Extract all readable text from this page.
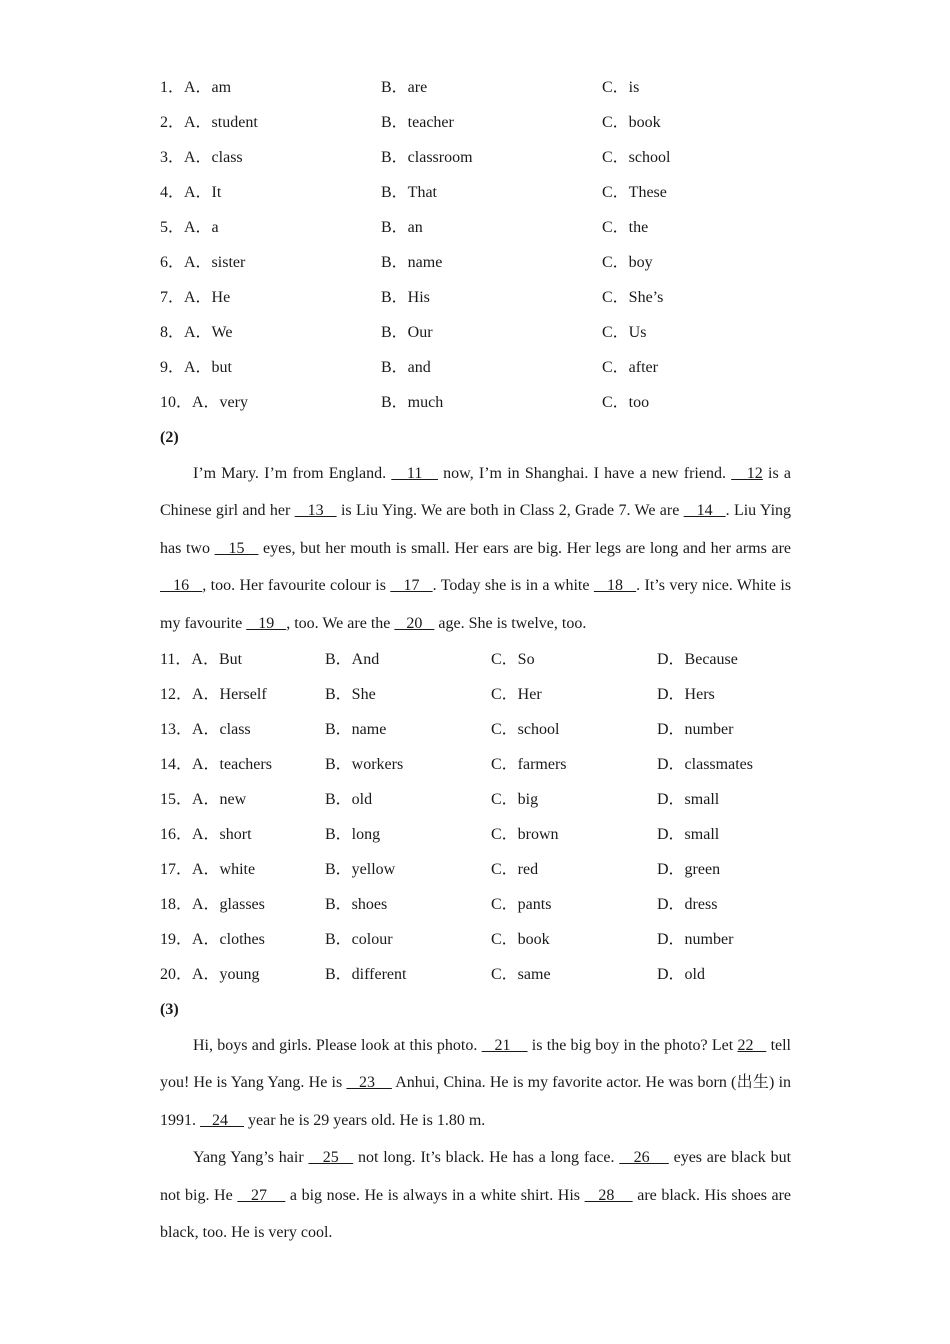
1．A．am	B．are	C．is
2．A．student	B．teacher	C．book
3．A．class	B．classroom	C．school
4．A．It	B．That	C．These
5．A．a	B．an	C．the
6．A．sister	B．name	C．boy
7．A．He	B．His	C．She’s
8．A．We	B．Our	C．Us
9．A．but	B．and	C．after
10．A．very	B．much	C．too
(2)

I’m Mary. I’m from England.    11    now, I’m in Shanghai. I have a new friend.    12 is a Chinese girl and her    13    is Liu Ying. We are both in Class 2, Grade 7. We are    14   . Liu Ying has two    15    eyes, but her mouth is small. Her ears are big. Her legs are long and her arms are    16   , too. Her favourite colour is    17   . Today she is in a white    18   . It’s very nice. White is my favourite    19   , too. We are the    20    age. She is twelve, too.

11．A．But	B．And	C．So	D．Because
12．A．Herself	B．She	C．Her	D．Hers
13．A．class	B．name	C．school	D．number
14．A．teachers	B．workers	C．farmers	D．classmates
15．A．new	B．old	C．big	D．small
16．A．short	B．long	C．brown	D．small
17．A．white	B．yellow	C．red	D．green
18．A．glasses	B．shoes	C．pants	D．dress
19．A．clothes	B．colour	C．book	D．number
20．A．young	B．different	C．same	D．old
(3)

Hi, boys and girls. Please look at this photo.    21     is the big boy in the photo? Let 22    tell you! He is Yang Yang. He is    23     Anhui, China. He is my favorite actor. He was born (出生) in 1991.    24     year he is 29 years old. He is 1.80 m.

Yang Yang’s hair    25    not long. It’s black. He has a long face.    26     eyes are black but not big. He    27     a big nose. He is always in a white shirt. His    28     are black. His shoes are black, too. He is very cool.
